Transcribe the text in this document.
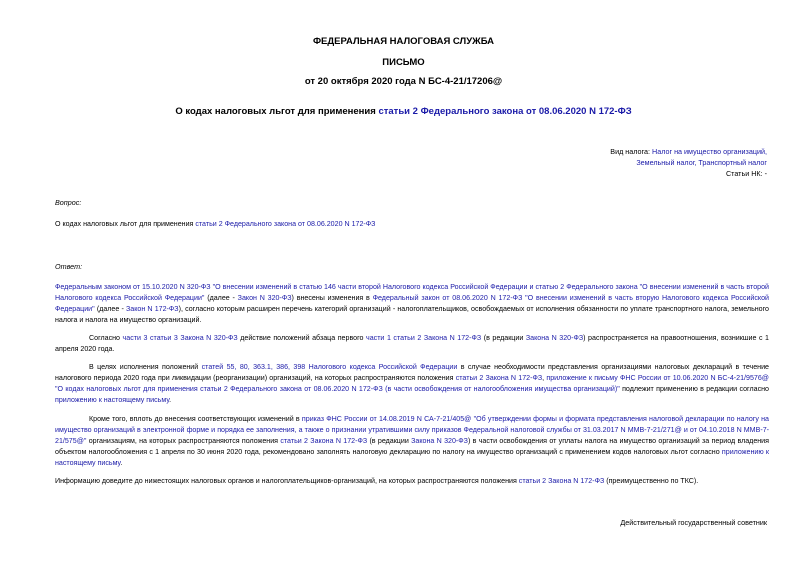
ФЕДЕРАЛЬНАЯ НАЛОГОВАЯ СЛУЖБА
ПИСЬМО
от 20 октября 2020 года N БС-4-21/17206@
О кодах налоговых льгот для применения статьи 2 Федерального закона от 08.06.2020 N 172-ФЗ
Вид налога: Налог на имущество организаций,
Земельный налог, Транспортный налог
Статьи НК: -
Вопрос:
О кодах налоговых льгот для применения статьи 2 Федерального закона от 08.06.2020 N 172-ФЗ
Ответ:
Федеральным законом от 15.10.2020 N 320-ФЗ "О внесении изменений в статью 146 части второй Налогового кодекса Российской Федерации и статью 2 Федерального закона "О внесении изменений в часть второй Налогового кодекса Российской Федерации" (далее - Закон N 320-ФЗ) внесены изменения в Федеральный закон от 08.06.2020 N 172-ФЗ "О внесении изменений в часть вторую Налогового кодекса Российской Федерации" (далее - Закон N 172-ФЗ), согласно которым расширен перечень категорий организаций - налогоплательщиков, освобождаемых от исполнения обязанности по уплате транспортного налога, земельного налога и налога на имущество организаций.
Согласно части 3 статьи 3 Закона N 320-ФЗ действие положений абзаца первого части 1 статьи 2 Закона N 172-ФЗ (в редакции Закона N 320-ФЗ) распространяется на правоотношения, возникшие с 1 апреля 2020 года.
В целях исполнения положений статей 55, 80, 363.1, 386, 398 Налогового кодекса Российской Федерации в случае необходимости представления организациями налоговых деклараций в течение налогового периода 2020 года при ликвидации (реорганизации) организаций, на которых распространяются положения статьи 2 Закона N 172-ФЗ, приложение к письму ФНС России от 10.06.2020 N БС-4-21/9576@ "О кодах налоговых льгот для применения статьи 2 Федерального закона от 08.06.2020 N 172-ФЗ (в части освобождения от налогообложения имущества организаций)" подлежит применению в редакции согласно приложению к настоящему письму.
Кроме того, вплоть до внесения соответствующих изменений в приказ ФНС России от 14.08.2019 N СА-7-21/405@ "Об утверждении формы и формата представления налоговой декларации по налогу на имущество организаций в электронной форме и порядка ее заполнения, а также о признании утратившими силу приказов Федеральной налоговой службы от 31.03.2017 N ММВ-7-21/271@ и от 04.10.2018 N ММВ-7-21/575@" организациям, на которых распространяются положения статьи 2 Закона N 172-ФЗ (в редакции Закона N 320-ФЗ) в части освобождения от уплаты налога на имущество организаций за период владения объектом налогообложения с 1 апреля по 30 июня 2020 года, рекомендовано заполнять налоговую декларацию по налогу на имущество организаций с применением кодов налоговых льгот согласно приложению к настоящему письму.
Информацию доведите до нижестоящих налоговых органов и налогоплательщиков-организаций, на которых распространяются положения статьи 2 Закона N 172-ФЗ (преимущественно по ТКС).
Действительный государственный советник
